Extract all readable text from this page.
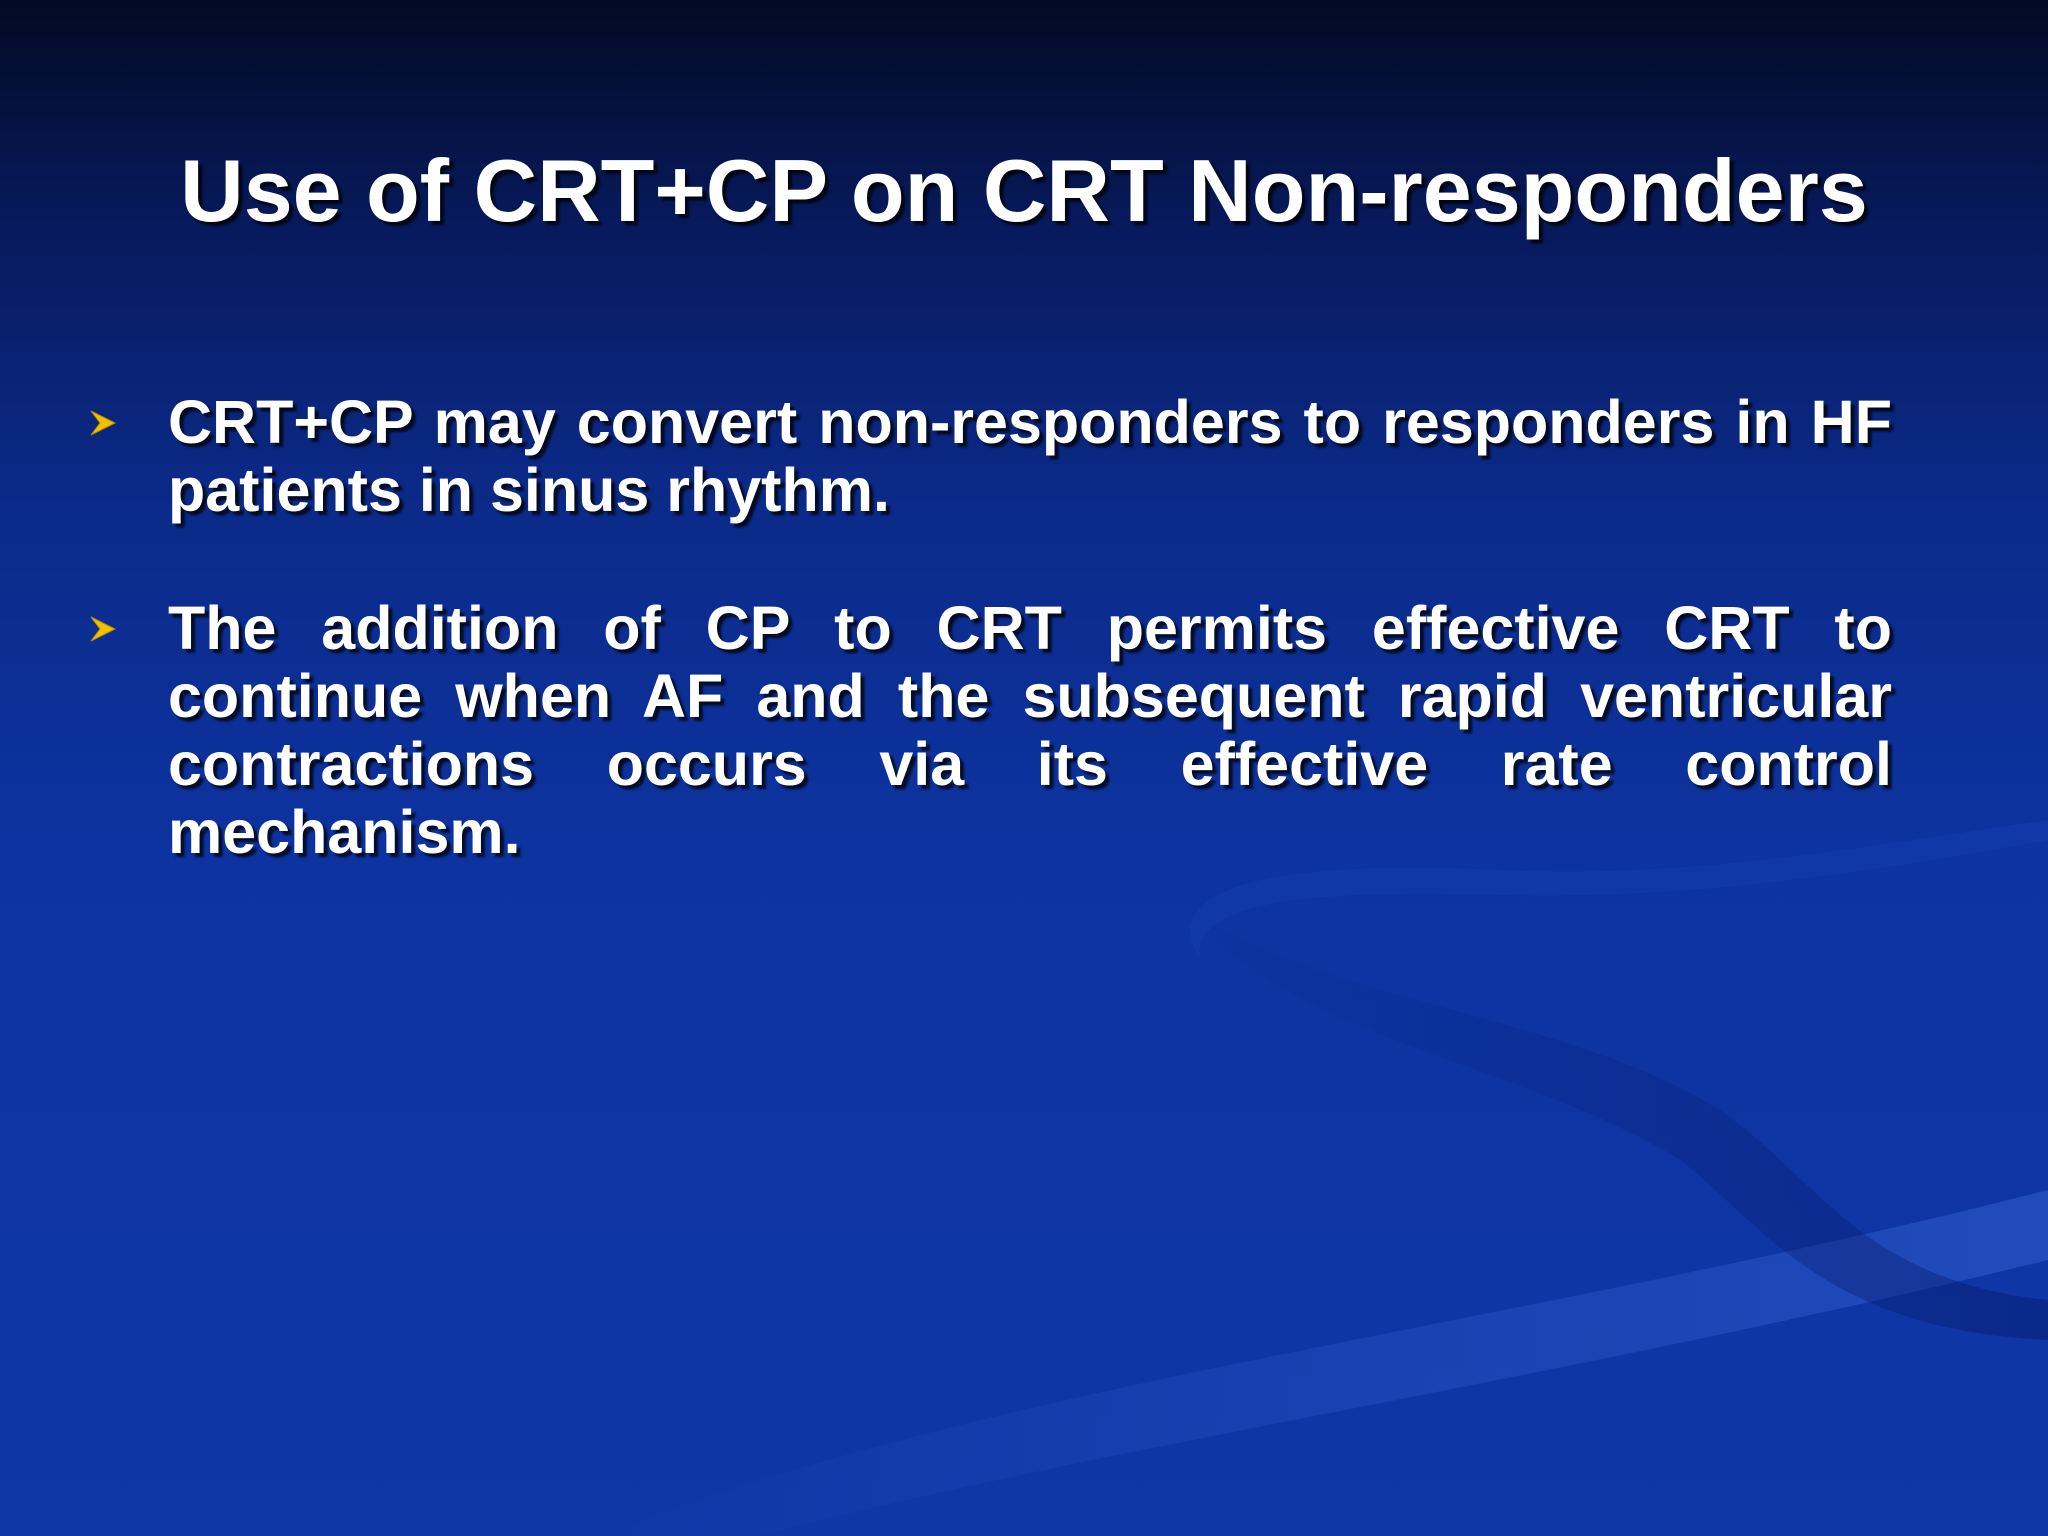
Use of CRT+CP on CRT Non-responders
CRT+CP may convert non-responders to responders in HF patients in sinus rhythm.
The addition of CP to CRT permits effective CRT to continue when AF and the subsequent rapid ventricular contractions occurs via its effective rate control mechanism.
